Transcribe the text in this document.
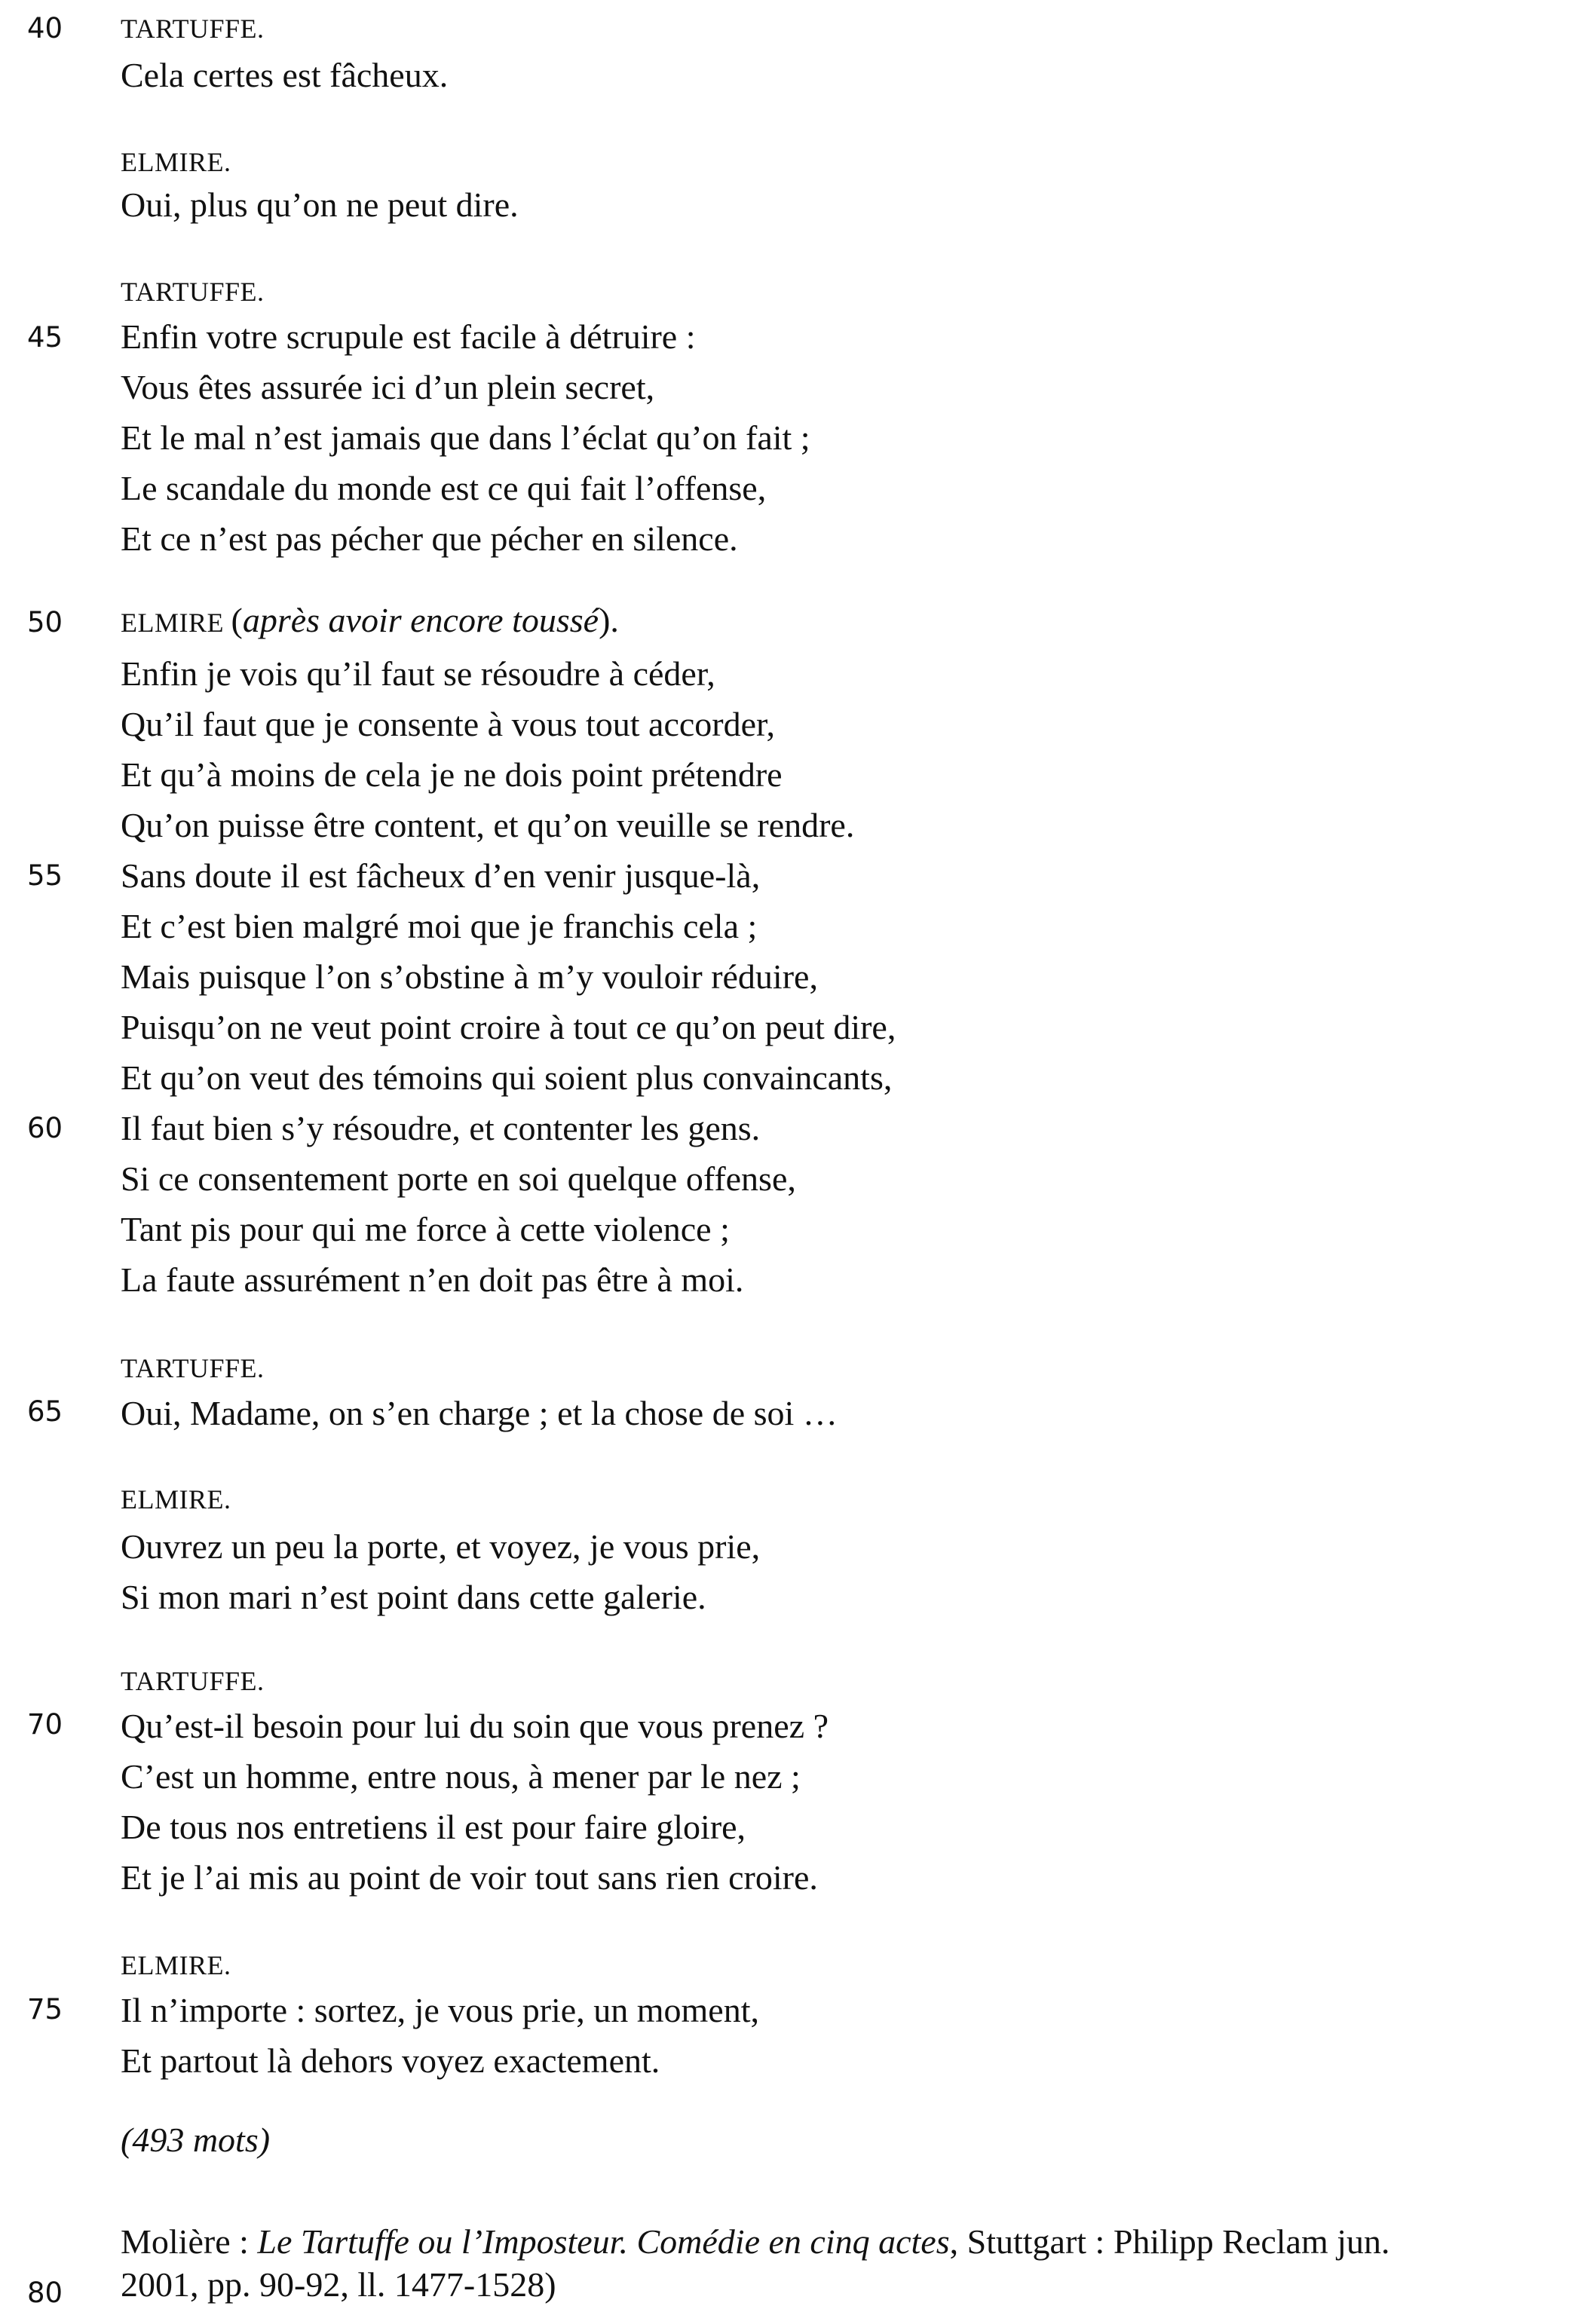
40
45
50
55
60
65
70
75
80
TARTUFFE.
Cela certes est fâcheux.
ELMIRE.
Oui, plus qu’on ne peut dire.
TARTUFFE.
Enfin votre scrupule est facile à détruire :
Vous êtes assurée ici d’un plein secret,
Et le mal n’est jamais que dans l’éclat qu’on fait ;
Le scandale du monde est ce qui fait l’offense,
Et ce n’est pas pécher que pécher en silence.
ELMIRE (après avoir encore toussé).
Enfin je vois qu’il faut se résoudre à céder,
Qu’il faut que je consente à vous tout accorder,
Et qu’à moins de cela je ne dois point prétendre
Qu’on puisse être content, et qu’on veuille se rendre.
Sans doute il est fâcheux d’en venir jusque-là,
Et c’est bien malgré moi que je franchis cela ;
Mais puisque l’on s’obstine à m’y vouloir réduire,
Puisqu’on ne veut point croire à tout ce qu’on peut dire,
Et qu’on veut des témoins qui soient plus convaincants,
Il faut bien s’y résoudre, et contenter les gens.
Si ce consentement porte en soi quelque offense,
Tant pis pour qui me force à cette violence ;
La faute assurément n’en doit pas être à moi.
TARTUFFE.
Oui, Madame, on s’en charge ; et la chose de soi …
ELMIRE.
Ouvrez un peu la porte, et voyez, je vous prie,
Si mon mari n’est point dans cette galerie.
TARTUFFE.
Qu’est-il besoin pour lui du soin que vous prenez ?
C’est un homme, entre nous, à mener par le nez ;
De tous nos entretiens il est pour faire gloire,
Et je l’ai mis au point de voir tout sans rien croire.
ELMIRE.
Il n’importe : sortez, je vous prie, un moment,
Et partout là dehors voyez exactement.
(493 mots)
Molière : Le Tartuffe ou l’Imposteur. Comédie en cinq actes, Stuttgart : Philipp Reclam jun.
2001, pp. 90-92, ll. 1477-1528)
